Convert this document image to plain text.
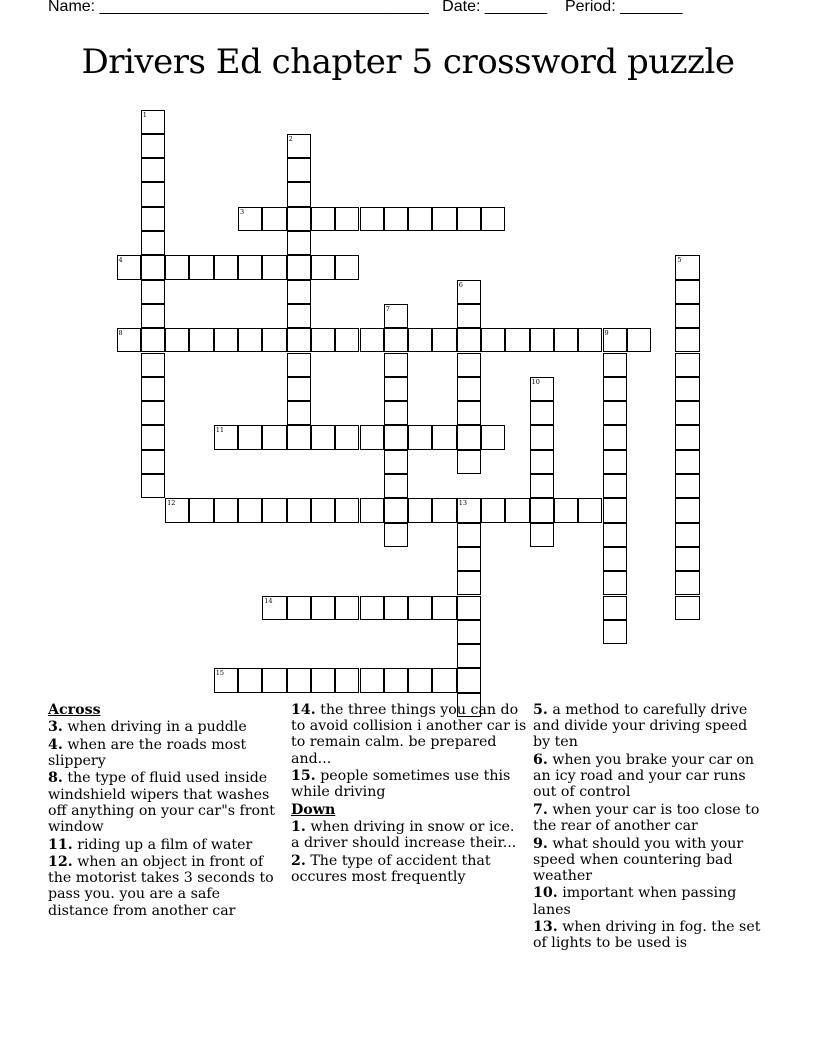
Name: _____________________________________ Date: _______ Period: _______
Drivers Ed chapter 5 crossword puzzle
1
2
3
4	5
6
7
8	9
10
11
12	13
14
15
Across
3. when driving in a puddle
4. when are the roads most slippery
8. the type of fluid used inside windshield wipers that washes off anything on your car"s front window
11. riding up a film of water
12. when an object in front of the motorist takes 3 seconds to pass you. you are a safe distance from another car
14. the three things you can do to avoid collision i another car is to remain calm. be prepared and...
15. people sometimes use this while driving
Down
1. when driving in snow or ice. a driver should increase their...
2. The type of accident that occures most frequently
5. a method to carefully drive and divide your driving speed by ten
6. when you brake your car on an icy road and your car runs out of control
7. when your car is too close to the rear of another car
9. what should you with your speed when countering bad weather
10. important when passing lanes
13. when driving in fog. the set of lights to be used is
